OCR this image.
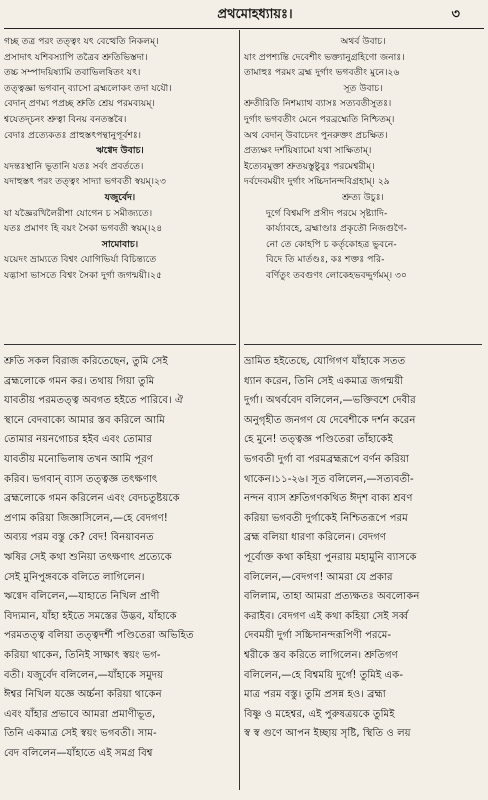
প্রথমোহধ্যায়ঃ।	৩
গচ্ছ তত্ৰ পরং তত্ত্বং যৎ বেত্থেতি নিকলম্।
প্রসাদাৎ যশিবস্যাপি তত্রৈব শ্রুতিভিস্তদা।
তচ্চ সম্পাদয়িষ্যামি তবাভিলষিতং যৎ।
তত্ত্বজ্ঞা ভগবান্ ব্যাসো ব্রহ্মলোকং তদা যযৌ।
বেদান্ প্রণম্য পপ্রচ্ছ শ্রুতি শ্রেয় পরমব্যয়ম্।
শ্বযেতদ্‌চনং শ্রুত্বা বিনয় বনতস্তৰৈ।
বেদাঃ প্রত্যেকতঃ প্রাহুস্তৎপন্থানুপূর্বশঃ।
ঋগ্বেদ উবাচ।
যদন্তঃস্থানি ভূতানি যতঃ সর্বং প্রবর্ততে।
যদাহুস্তৎ পরং তত্ত্বং সাদ্যা ভগবতী স্বয়ম্।২৩
যজুর্বেদ।
যা যজ্ঞৈরখিলৈরীশা যোগেন চ সমীজ্যতে।
যতঃ প্রমাণং হি বয়ং সৈকা ভগবতী স্বয়ম্।২৪
সামোবাচ।
যয়েদং ভ্রাম্যতে বিশ্বং যোগিভির্যা বিচিন্ত্যতে
যদ্ভাসা ভাসতে বিশ্বং সৈকা দুর্গা জগন্ময়ী।২৫
অথর্ব উবাচ।
যাং প্রপশ্যন্তি দেবেশীং ভক্ত্যানুগ্রহিণো জনাঃ।
তামাহুঃ পরমং ব্রহ্ম দুর্গাং ভগবতীং মুনে।২৬
সূত উবাচ।
শ্রুতীরিতি নিশম্যাথ ব্যাসঃ সত্যবতীসুতঃ।
দুর্গাং ভগবতীং মেনে পরব্রহ্মেতি নিশ্চিতম্।
অথ বেদান্ উবাচেদং পুনরুক্তং প্রচক্ষিত।
প্রত্যক্ষং দর্শয়িষ্যামো যথা সাক্ষিতাম্।
ইত্যেবমুক্তা শ্রুতয়স্তুষ্টুবুঃ পরমেশ্বরীম্।
দর্বদেবময়ীং দুর্গাং সচ্চিদানন্দবিগ্রহাম্। ২৯
শ্রুত্য উচুঃ।
দুর্গে বিশ্বমপি প্রসীদ পরমে সৃষ্ট্যাদি-
কার্য্যাবহে, ব্রহ্মাণ্ডাঃ প্রকৃতৌ নিজগুণৈ-
নো তে কোহপি চ কর্তৃকোহত্র ভুবনে-
বিদে তি মার্তণ্ডঃ, কঃ শক্তঃ পরি-
বর্ণিতুং তবগুণং লোকেহভবদ্দুর্গমম্। ৩০
শ্রুতি সকল বিরাজ করিতেছেন, তুমি সেই
ব্রহ্মলোকে গমন কর। তথায় গিয়া তুমি
যাবতীয় পরমতত্ত্ব অবগত হইতে পারিবে। ঐ
স্থানে বেদবাক্যে আমার স্তব করিলে আমি
তোমার নয়নগোচর হইব এবং তোমার
যাবতীয় মনোভিলাষ তখন আমি পূরণ
করিব। ভগবান্ ব্যাস তত্ত্বজ্ঞ তৎক্ষণাৎ
ব্রহ্মলোকে গমন করিলেন এবং বেদচতুষ্টয়কে
প্রণাম করিয়া জিজ্ঞাসিলেন,—হে বেদগণ!
অব্যয় পরম বস্তু কে? বেদ! বিনয়াবনত
ঋষির সেই কথা শুনিয়া তৎক্ষণাৎ প্রত্যেকে
সেই মুনিপুঙ্গবকে বলিতে লাগিলেন।
ঋগ্বেদ বলিলেন,—যাহাতে নিখিল প্রাণী
বিদ্যমান, যাঁহা হইতে সমস্তের উদ্ভব, যাঁহাকে
পরমতত্ত্ব বলিয়া তত্ত্বদর্শী পণ্ডিতেরা অভিহিত
করিয়া থাকেন, তিনিই সাক্ষাৎ স্বয়ং ভগ-
বতী। যজুর্বেদ বলিলেন,—যাঁহাকে সমুদয়
ঈশ্বর নিখিল যজ্ঞে অর্চ্চনা করিয়া থাকেন
এবং যাঁহার প্রভাবে আমরা প্রমাণীভূত,
তিনি একমাত্র সেই স্বয়ং ভগবতী। সাম-
বেদ বলিলেন—যাঁহাতে এই সমগ্র বিশ্ব
ভ্রামিত হইতেছে, যোগিগণ যাঁহাকে সতত
ধ্যান করেন, তিনি সেই একমাত্র জগন্ময়ী
দুর্গা। অথর্ববেদ বলিলেন,—ভক্তিবশে দেবীর
অনুগৃহীত জনগণ যে দেবেশীকে দর্শন করেন
হে মুনে! তত্ত্বজ্ঞ পণ্ডিতেরা তাঁহাকেই
ভগবতী দুর্গা বা পরমব্রহ্মরূপে বর্ণন করিয়া
থাকেন।১১-২৬। সূত বলিলেন,—সত্যবতী-
নন্দন ব্যাস শ্রুতিগণকথিত ঈদৃশ বাক্য শ্রবণ
করিয়া ভগবতী দুর্গাকেই নিশ্চিতরূপে পরম
ব্রহ্ম বলিয়া ধারণা করিলেন। বেদগণ
পূর্বোক্ত কথা কহিয়া পুনরায় মহামুনি ব্যাসকে
বলিলেন,—বেদগণ! আমরা যে প্রকার
বলিলাম, তাহা আমরা প্রত্যক্ষতঃ অবলোকন
করাইব। বেদগণ এই কথা কহিয়া সেই সর্ব্ব
দেবময়ী দুর্গা সচ্চিদানন্দরূপিণী পরমে-
শ্বরীকে স্তব করিতে লাগিলেন। শ্রুতিগণ
বলিলেন,—হে বিশ্বময়ি দুর্গে! তুমিই এক-
মাত্র পরম বস্তু। তুমি প্রসন্ন হও। ব্রহ্মা
বিষ্ণু ও মহেশ্বর, এই পুরুষত্রয়কে তুমিই
স্ব স্ব গুণে আপন ইচ্ছায় সৃষ্টি, স্থিতি ও লয়
